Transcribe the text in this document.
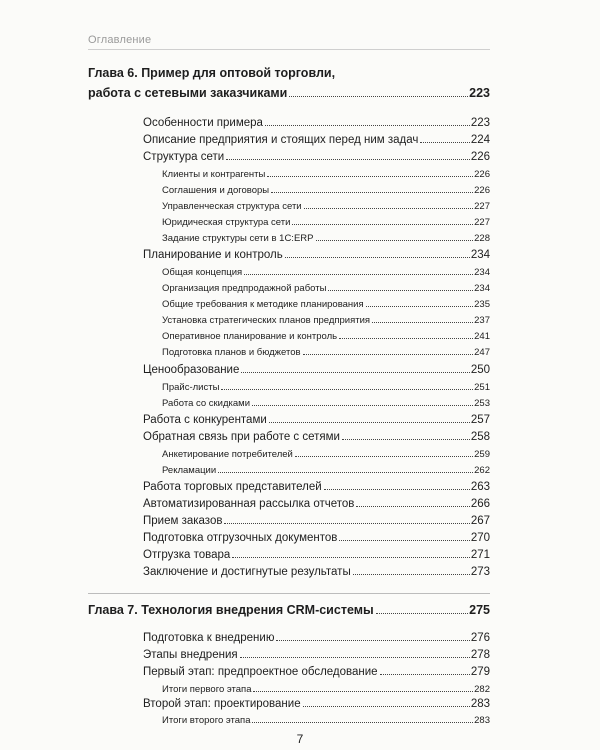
Оглавление
Глава 6. Пример для оптовой торговли,
работа с сетевыми заказчиками	223
Особенности примера	223
Описание предприятия и стоящих перед ним задач	224
Структура сети	226
Клиенты и контрагенты	226
Соглашения и договоры	226
Управленческая структура сети	227
Юридическая структура сети	227
Задание структуры сети в 1С:ERP	228
Планирование и контроль	234
Общая концепция	234
Организация предпродажной работы	234
Общие требования к методике планирования	235
Установка стратегических планов предприятия	237
Оперативное планирование и контроль	241
Подготовка планов и бюджетов	247
Ценообразование	250
Прайс-листы	251
Работа со скидками	253
Работа с конкурентами	257
Обратная связь при работе с сетями	258
Анкетирование потребителей	259
Рекламации	262
Работа торговых представителей	263
Автоматизированная рассылка отчетов	266
Прием заказов	267
Подготовка отгрузочных документов	270
Отгрузка товара	271
Заключение и достигнутые результаты	273
Глава 7. Технология внедрения CRM-системы	275
Подготовка к внедрению	276
Этапы внедрения	278
Первый этап: предпроектное обследование	279
Итоги первого этапа	282
Второй этап: проектирование	283
Итоги второго этапа	283
7
